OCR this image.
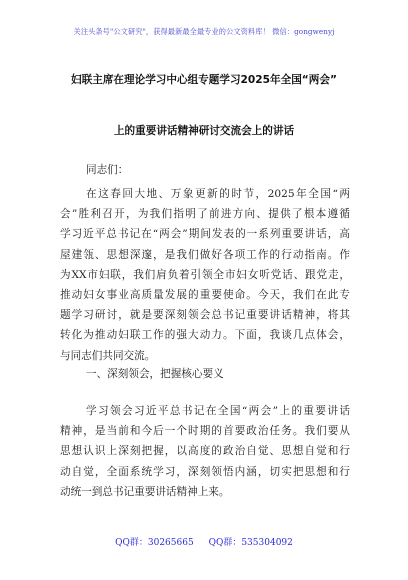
关注头条号"公文研究"，获得最新最全最专业的公文资料库！ 微信：gongwenyj
妇联主席在理论学习中心组专题学习2025年全国“两会”
上的重要讲话精神研讨交流会上的讲话
同志们：
在这春回大地、万象更新的时节，2025年全国“两
会”胜利召开，为我们指明了前进方向、提供了根本遵循
学习近平总书记在“两会”期间发表的一系列重要讲话，高
屋建瓴、思想深邃，是我们做好各项工作的行动指南。作
为XX市妇联，我们肩负着引领全市妇女听党话、跟党走，
推动妇女事业高质量发展的重要使命。今天，我们在此专
题学习研讨，就是要深刻领会总书记重要讲话精神，将其
转化为推动妇联工作的强大动力。下面，我谈几点体会，
与同志们共同交流。
一、深刻领会，把握核心要义
学习领会习近平总书记在全国“两会”上的重要讲话
精神，是当前和今后一个时期的首要政治任务。我们要从
思想认识上深刻把握，以高度的政治自觉、思想自觉和行
动自觉，全面系统学习，深刻领悟内涵，切实把思想和行
动统一到总书记重要讲话精神上来。
QQ群：30265665 QQ群：535304092
